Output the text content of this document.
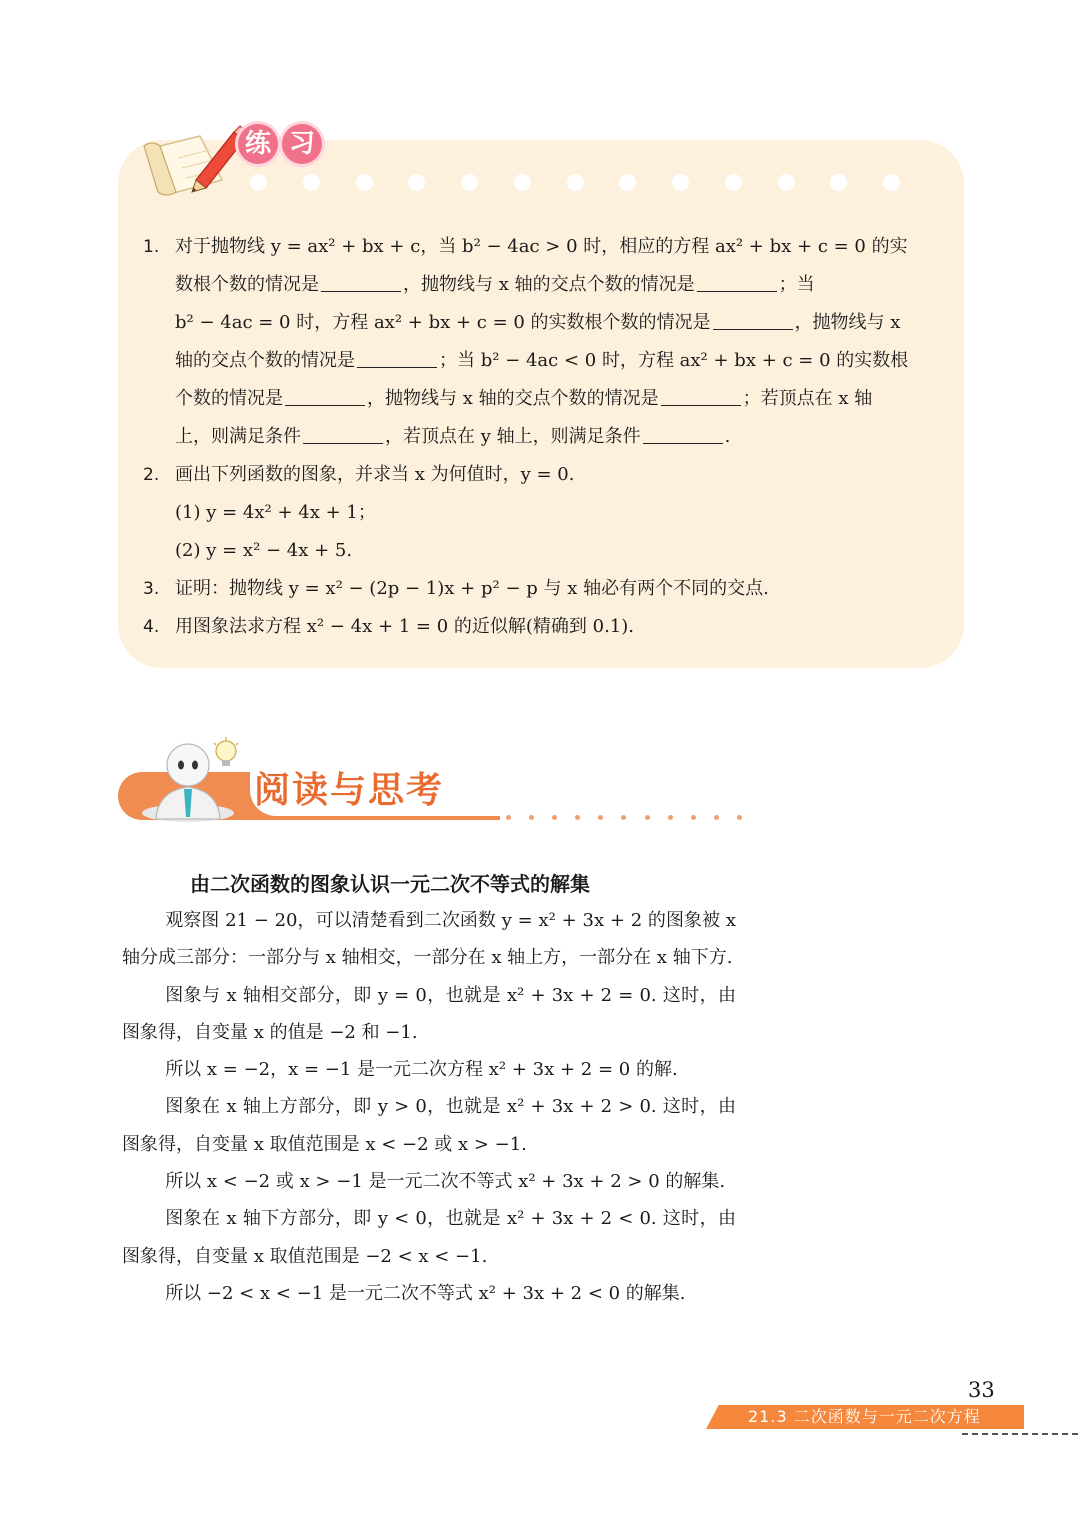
练 习
1. 对于抛物线 y = ax² + bx + c，当 b² − 4ac > 0 时，相应的方程 ax² + bx + c = 0 的实
数根个数的情况是	，抛物线与 x 轴的交点个数的情况是	；当
b² − 4ac = 0 时，方程 ax² + bx + c = 0 的实数根个数的情况是	，抛物线与 x
轴的交点个数的情况是	；当 b² − 4ac < 0 时，方程 ax² + bx + c = 0 的实数根
个数的情况是	，抛物线与 x 轴的交点个数的情况是	；若顶点在 x 轴
上，则满足条件	，若顶点在 y 轴上，则满足条件	.
2. 画出下列函数的图象，并求当 x 为何值时，y = 0.
(1) y = 4x² + 4x + 1；
(2) y = x² − 4x + 5.
3. 证明：抛物线 y = x² − (2p − 1)x + p² − p 与 x 轴必有两个不同的交点.
4. 用图象法求方程 x² − 4x + 1 = 0 的近似解(精确到 0.1).
阅读与思考
由二次函数的图象认识一元二次不等式的解集

观察图 21 − 20，可以清楚看到二次函数 y = x² + 3x + 2 的图象被 x 轴分成三部分：一部分与 x 轴相交，一部分在 x 轴上方，一部分在 x 轴下方.

图象与 x 轴相交部分，即 y = 0，也就是 x² + 3x + 2 = 0. 这时，由图象得，自变量 x 的值是 −2 和 −1.

所以 x = −2，x = −1 是一元二次方程 x² + 3x + 2 = 0 的解.

图象在 x 轴上方部分，即 y > 0，也就是 x² + 3x + 2 > 0. 这时，由图象得，自变量 x 取值范围是 x < −2 或 x > −1.

所以 x < −2 或 x > −1 是一元二次不等式 x² + 3x + 2 > 0 的解集.

图象在 x 轴下方部分，即 y < 0，也就是 x² + 3x + 2 < 0. 这时，由图象得，自变量 x 取值范围是 −2 < x < −1.

所以 −2 < x < −1 是一元二次不等式 x² + 3x + 2 < 0 的解集.

33
21.3 二次函数与一元二次方程
